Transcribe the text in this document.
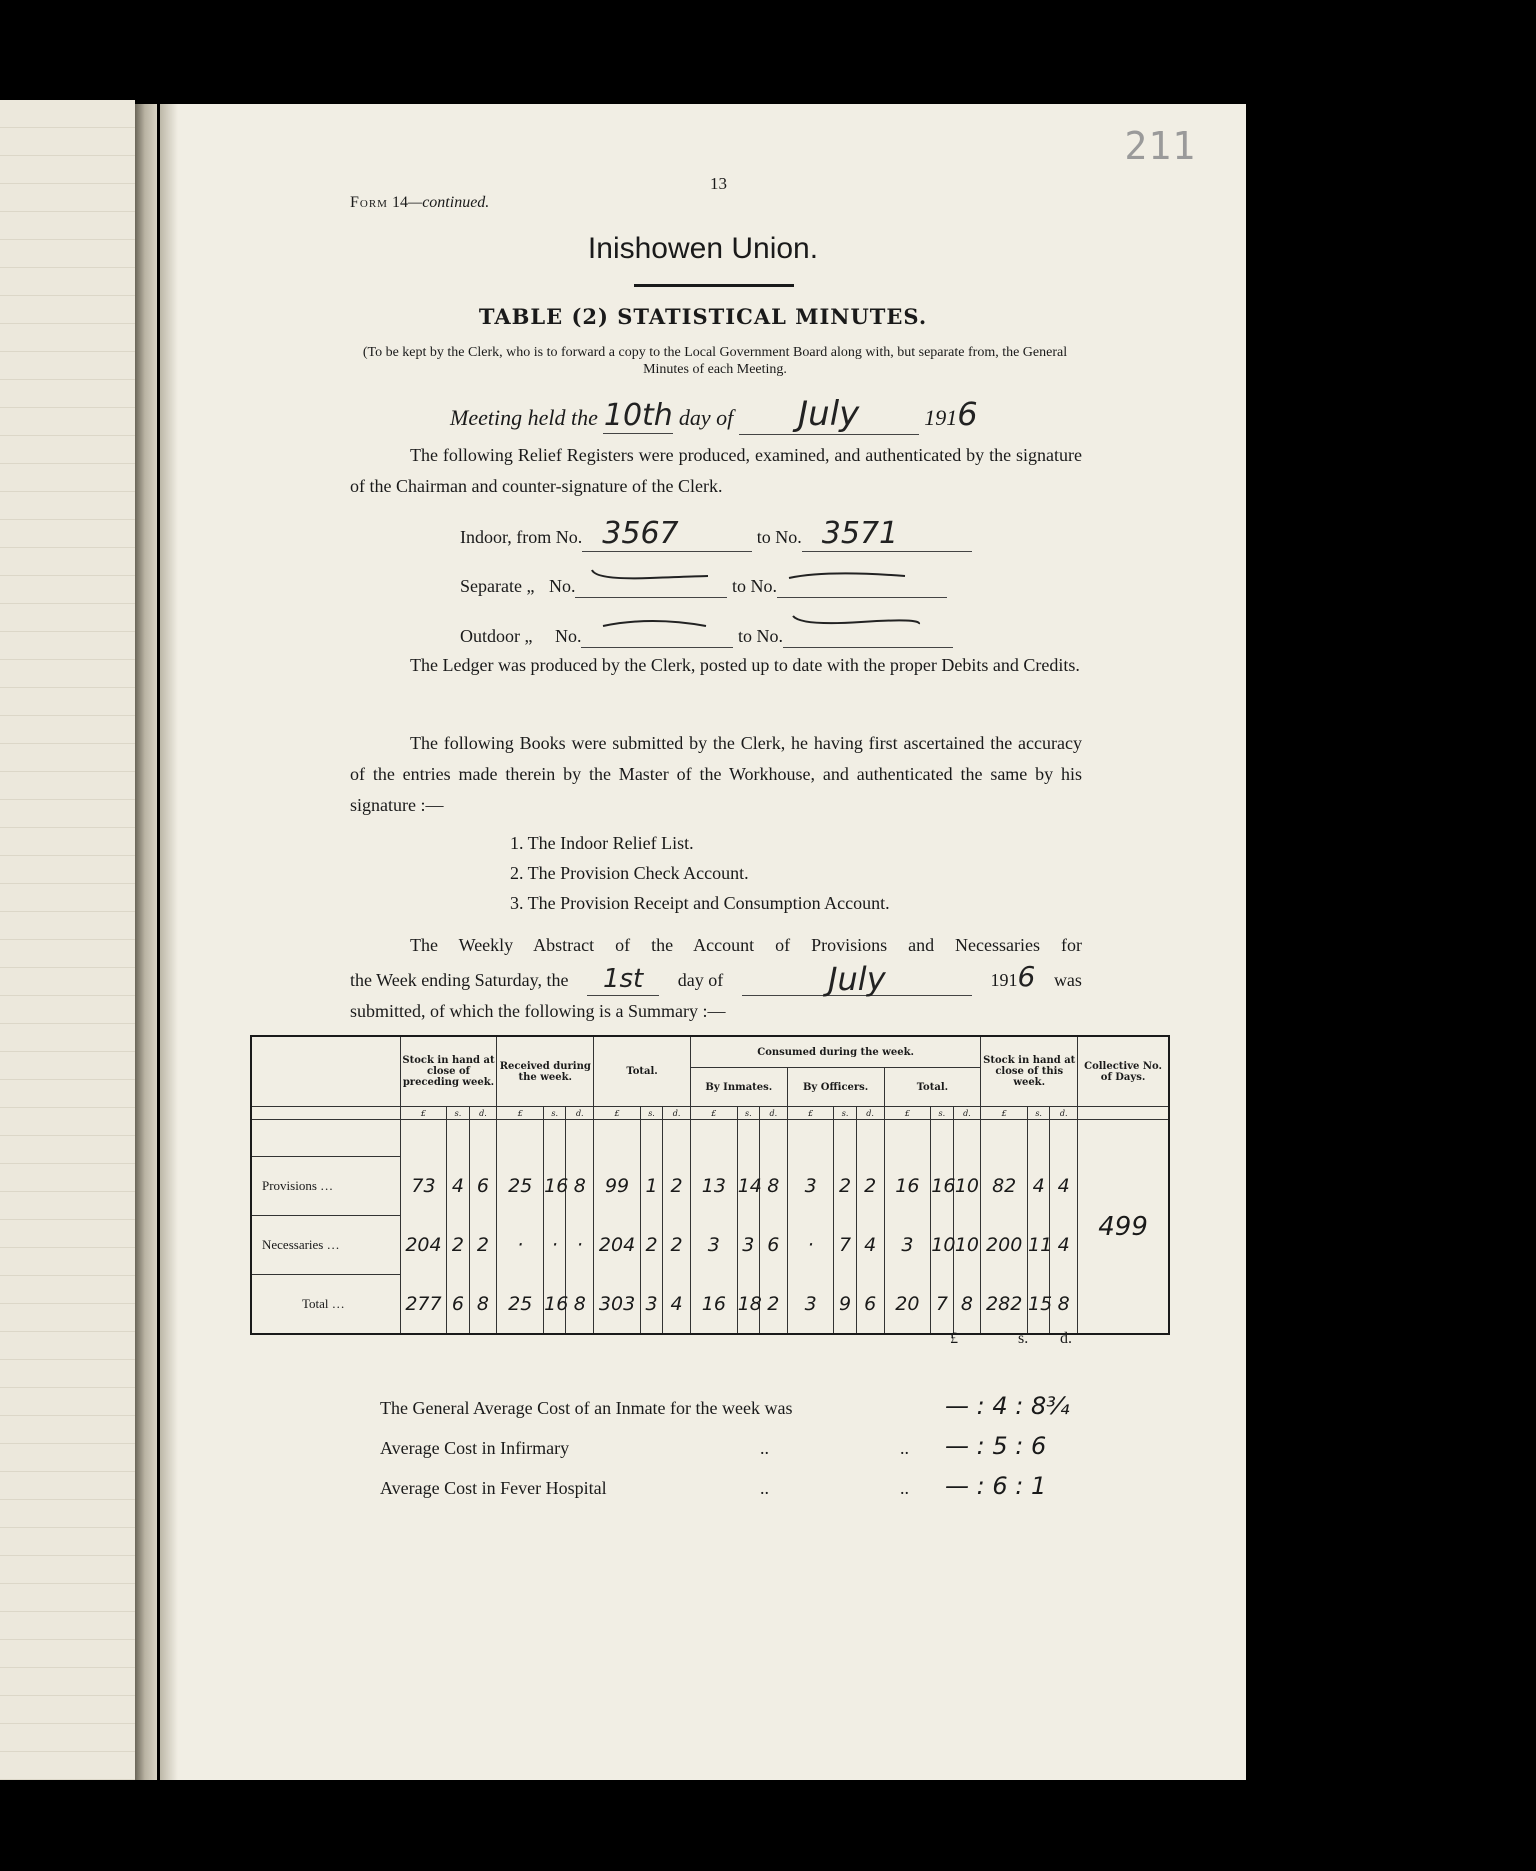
211
13
Form 14—continued.
Inishowen Union.
TABLE (2) STATISTICAL MINUTES.
(To be kept by the Clerk, who is to forward a copy to the Local Government Board along with, but separate from, the General Minutes of each Meeting.
Meeting held the 10th day of July	1916
The following Relief Registers were produced, examined, and authenticated by the signature of the Chairman and counter-signature of the Clerk.
Indoor, from No. 3567	to No. 3571
Separate „ No.	to No.

Outdoor „ No.	to No.

The Ledger was produced by the Clerk, posted up to date with the proper Debits and Credits.
The following Books were submitted by the Clerk, he having first ascertained the accuracy of the entries made therein by the Master of the Workhouse, and authenticated the same by his signature :—
1. The Indoor Relief List.
2. The Provision Check Account.
3. The Provision Receipt and Consumption Account.
The Weekly Abstract of the Account of Provisions and Necessaries for
the Week ending Saturday, the	1st	day of	July	1916 was
submitted, of which the following is a Summary :—
	Stock in hand at close of preceding week.			Received during the week.			Total.			Consumed during the week.									Stock in hand at close of this week.			Collective No. of Days.
										By Inmates.			By Officers.			Total.						
	£	s.	d.	£	s.	d.	£	s.	d.	£	s.	d.	£	s.	d.	£	s.	d.	£	s.	d.	
																						499
Provisions …	73	4	6	25	16	8	99	1	2	13	14	8	3	2	2	16	16	10	82	4	4	
Necessaries …	204	2	2	·	·	·	204	2	2	3	3	6	·	7	4	3	10	10	200	11	4	
Total …	277	6	8	25	16	8	303	3	4	16	18	2	3	9	6	20	7	8	282	15	8	
£	s. d.
The General Average Cost of an Inmate for the week was	— : 4 : 8¾
Average Cost in Infirmary	..	.. — : 5 : 6
Average Cost in Fever Hospital	..	.. — : 6 : 1
